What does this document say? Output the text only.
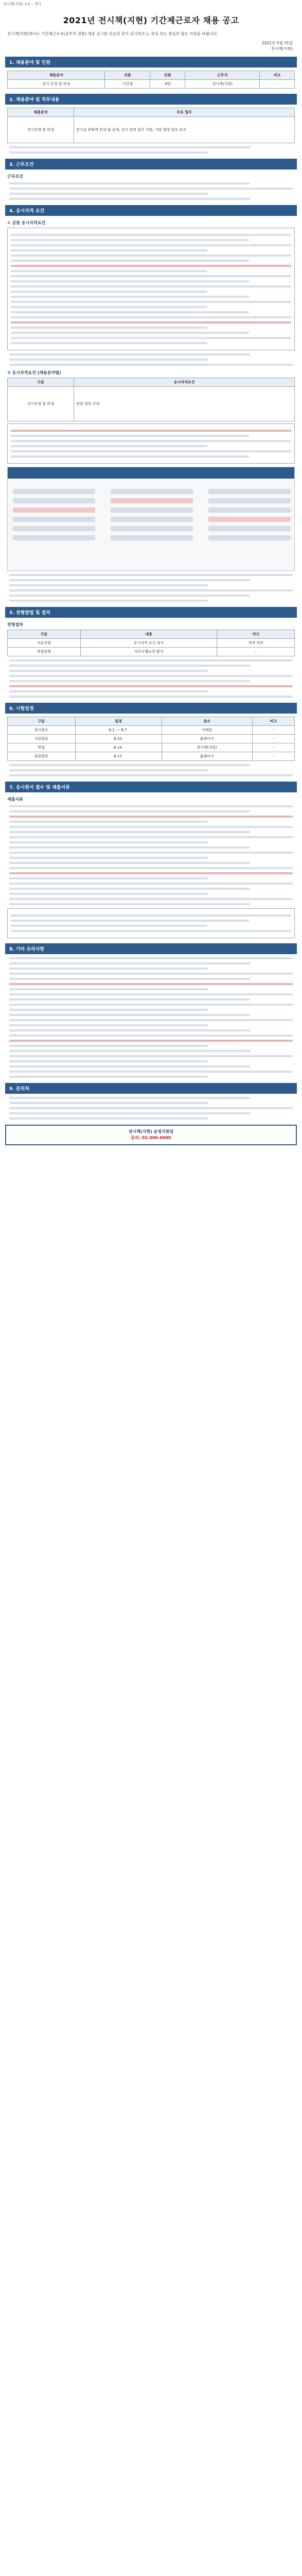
전시책(지현) 1차 – 게시
2021년 전시책(지현) 기간제근로자 채용 공고
전시책(지현)에서는 기간제근로자(공무직 전환) 채용 공고를 다음과 같이 실시하오니, 관심 있는 분들의 많은 지원을 바랍니다.
2021년 5월 31일
전시책(지현)
1. 채용분야 및 인원
채용분야	직종	인원	근무지	비고
전시 운영 및 안내	기간제	0명	전시책(지현)	-
2. 채용분야 및 직무내용
채용분야	주요 업무
전시운영 및 안내	전시실 관람객 안내 및 응대, 전시 관련 업무 지원, 기타 행정 업무 보조
3. 근무조건
근무조건
4. 응시자격 요건
① 공통 응시자격요건
② 응시자격요건 (채용분야별)
구분	응시자격요건
전시운영 및 안내	관련 경력 우대
5. 전형방법 및 절차
전형절차
구분	내용	비고
서류전형	응시자격 요건 심사	적격 여부
면접전형	직무수행능력 평가	-
6. 시험일정
구분	일정	장소	비고
원서접수	6.1. ~ 6.7.	이메일	-
서류발표	6.10.	홈페이지	-
면접	6.14.	전시책(지현)	-
최종발표	6.17.	홈페이지	-
7. 응시원서 접수 및 제출서류
제출서류
8. 기타 유의사항
9. 문의처
전시책(지현) 운영지원팀
문의: 02-000-0000
